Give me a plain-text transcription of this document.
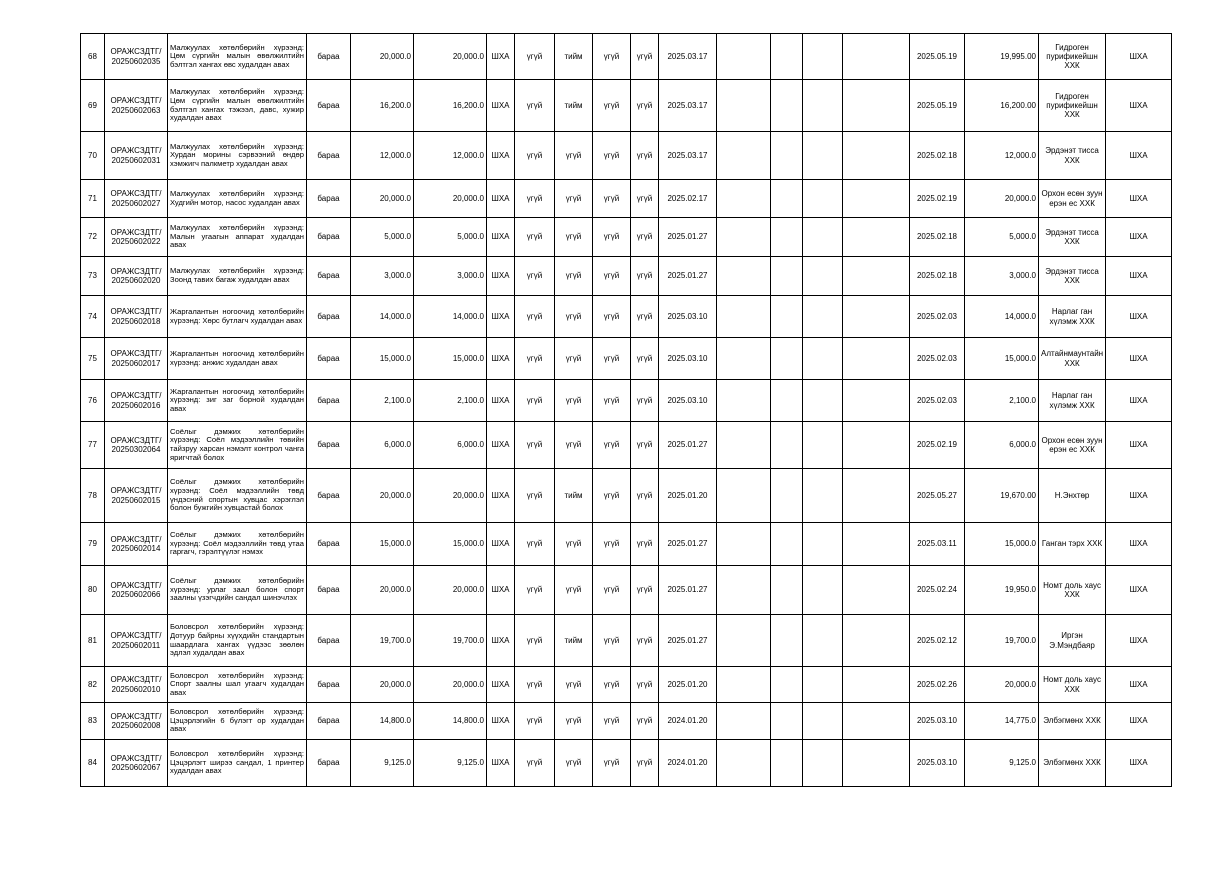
68	ОРАЖСЗДТГ/ 20250602035	Малжуулах хөтөлбөрийн хүрээнд: Цөм сүргийн малын өвөлжилтийн бэлтгэл хангах өвс худалдан авах	бараа	20,000.0	20,000.0	ШХА	үгүй	тийм	үгүй	үгүй	2025.03.17					2025.05.19	19,995.00	Гидроген пурификейшн ХХК	ШХА
69	ОРАЖСЗДТГ/ 20250602063	Малжуулах хөтөлбөрийн хүрээнд: Цөм сүргийн малын өвөлжилтийн бэлтгэл хангах тэжээл, давс, хужир худалдан авах	бараа	16,200.0	16,200.0	ШХА	үгүй	тийм	үгүй	үгүй	2025.03.17					2025.05.19	16,200.00	Гидроген пурификейшн ХХК	ШХА
70	ОРАЖСЗДТГ/ 20250602031	Малжуулах хөтөлбөрийн хүрээнд: Хурдан морины сэрвээний өндөр хэмжигч палкметр худалдан авах	бараа	12,000.0	12,000.0	ШХА	үгүй	үгүй	үгүй	үгүй	2025.03.17					2025.02.18	12,000.0	Эрдэнэт тисса ХХК	ШХА
71	ОРАЖСЗДТГ/ 20250602027	Малжуулах хөтөлбөрийн хүрээнд: Худгийн мотор, насос худалдан авах	бараа	20,000.0	20,000.0	ШХА	үгүй	үгүй	үгүй	үгүй	2025.02.17					2025.02.19	20,000.0	Орхон есөн зуун ерэн ес ХХК	ШХА
72	ОРАЖСЗДТГ/ 20250602022	Малжуулах хөтөлбөрийн хүрээнд: Малын угаагын аппарат худалдан авах	бараа	5,000.0	5,000.0	ШХА	үгүй	үгүй	үгүй	үгүй	2025.01.27					2025.02.18	5,000.0	Эрдэнэт тисса ХХК	ШХА
73	ОРАЖСЗДТГ/ 20250602020	Малжуулах хөтөлбөрийн хүрээнд: Зоонд тавих багаж худалдан авах	бараа	3,000.0	3,000.0	ШХА	үгүй	үгүй	үгүй	үгүй	2025.01.27					2025.02.18	3,000.0	Эрдэнэт тисса ХХК	ШХА
74	ОРАЖСЗДТГ/ 20250602018	Жаргалантын ногоочид хөтөлбөрийн хүрээнд: Хөрс бутлагч худалдан авах	бараа	14,000.0	14,000.0	ШХА	үгүй	үгүй	үгүй	үгүй	2025.03.10					2025.02.03	14,000.0	Нарлаг ган хүлэмж ХХК	ШХА
75	ОРАЖСЗДТГ/ 20250602017	Жаргалантын ногоочид хөтөлбөрийн хүрээнд: анжис худалдан авах	бараа	15,000.0	15,000.0	ШХА	үгүй	үгүй	үгүй	үгүй	2025.03.10					2025.02.03	15,000.0	Алтайнмаунтайн ХХК	ШХА
76	ОРАЖСЗДТГ/ 20250602016	Жаргалантын ногоочид хөтөлбөрийн хүрээнд: зиг заг борной худалдан авах	бараа	2,100.0	2,100.0	ШХА	үгүй	үгүй	үгүй	үгүй	2025.03.10					2025.02.03	2,100.0	Нарлаг ган хүлэмж ХХК	ШХА
77	ОРАЖСЗДТГ/ 20250302064	Соёлыг дэмжих хөтөлбөрийн хүрээнд: Соёл мэдээллийн төвийн тайзруу харсан нэмэлт контрол чанга яригчтай болох	бараа	6,000.0	6,000.0	ШХА	үгүй	үгүй	үгүй	үгүй	2025.01.27					2025.02.19	6,000.0	Орхон есөн зуун ерэн ес ХХК	ШХА
78	ОРАЖСЗДТГ/ 20250602015	Соёлыг дэмжих хөтөлбөрийн хүрээнд: Соёл мэдээллийн төвд үндэсний спортын хувцас хэрэглэл болон бужгийн хувцастай болох	бараа	20,000.0	20,000.0	ШХА	үгүй	тийм	үгүй	үгүй	2025.01.20					2025.05.27	19,670.00	Н.Энхтөр	ШХА
79	ОРАЖСЗДТГ/ 20250602014	Соёлыг дэмжих хөтөлбөрийн хүрээнд: Соёл мэдээллийн төвд утаа гаргагч, гэрэлтүүлэг нэмэх	бараа	15,000.0	15,000.0	ШХА	үгүй	үгүй	үгүй	үгүй	2025.01.27					2025.03.11	15,000.0	Ганган тэрх ХХК	ШХА
80	ОРАЖСЗДТГ/ 20250602066	Соёлыг дэмжих хөтөлбөрийн хүрээнд: урлаг заал болон спорт заалны үзэгчдийн сандал шинэчлэх	бараа	20,000.0	20,000.0	ШХА	үгүй	үгүй	үгүй	үгүй	2025.01.27					2025.02.24	19,950.0	Номт доль хаус ХХК	ШХА
81	ОРАЖСЗДТГ/ 20250602011	Боловсрол хөтөлбөрийн хүрээнд: Дотуур байрны хүүхдийн стандартын шаардлага хангах үүдээс зөөлөн эдлэл худалдан авах	бараа	19,700.0	19,700.0	ШХА	үгүй	тийм	үгүй	үгүй	2025.01.27					2025.02.12	19,700.0	Иргэн Э.Мэндбаяр	ШХА
82	ОРАЖСЗДТГ/ 20250602010	Боловсрол хөтөлбөрийн хүрээнд: Спорт заалны шал угаагч худалдан авах	бараа	20,000.0	20,000.0	ШХА	үгүй	үгүй	үгүй	үгүй	2025.01.20					2025.02.26	20,000.0	Номт доль хаус ХХК	ШХА
83	ОРАЖСЗДТГ/ 20250602008	Боловсрол хөтөлбөрийн хүрээнд: Цэцэрлэгийн 6 бүлэгт ор худалдан авах	бараа	14,800.0	14,800.0	ШХА	үгүй	үгүй	үгүй	үгүй	2024.01.20					2025.03.10	14,775.0	Элбэгмөнх ХХК	ШХА
84	ОРАЖСЗДТГ/ 20250602067	Боловсрол хөтөлбөрийн хүрээнд: Цэцэрлэгт ширээ сандал, 1 принтер худалдан авах	бараа	9,125.0	9,125.0	ШХА	үгүй	үгүй	үгүй	үгүй	2024.01.20					2025.03.10	9,125.0	Элбэгмөнх ХХК	ШХА
